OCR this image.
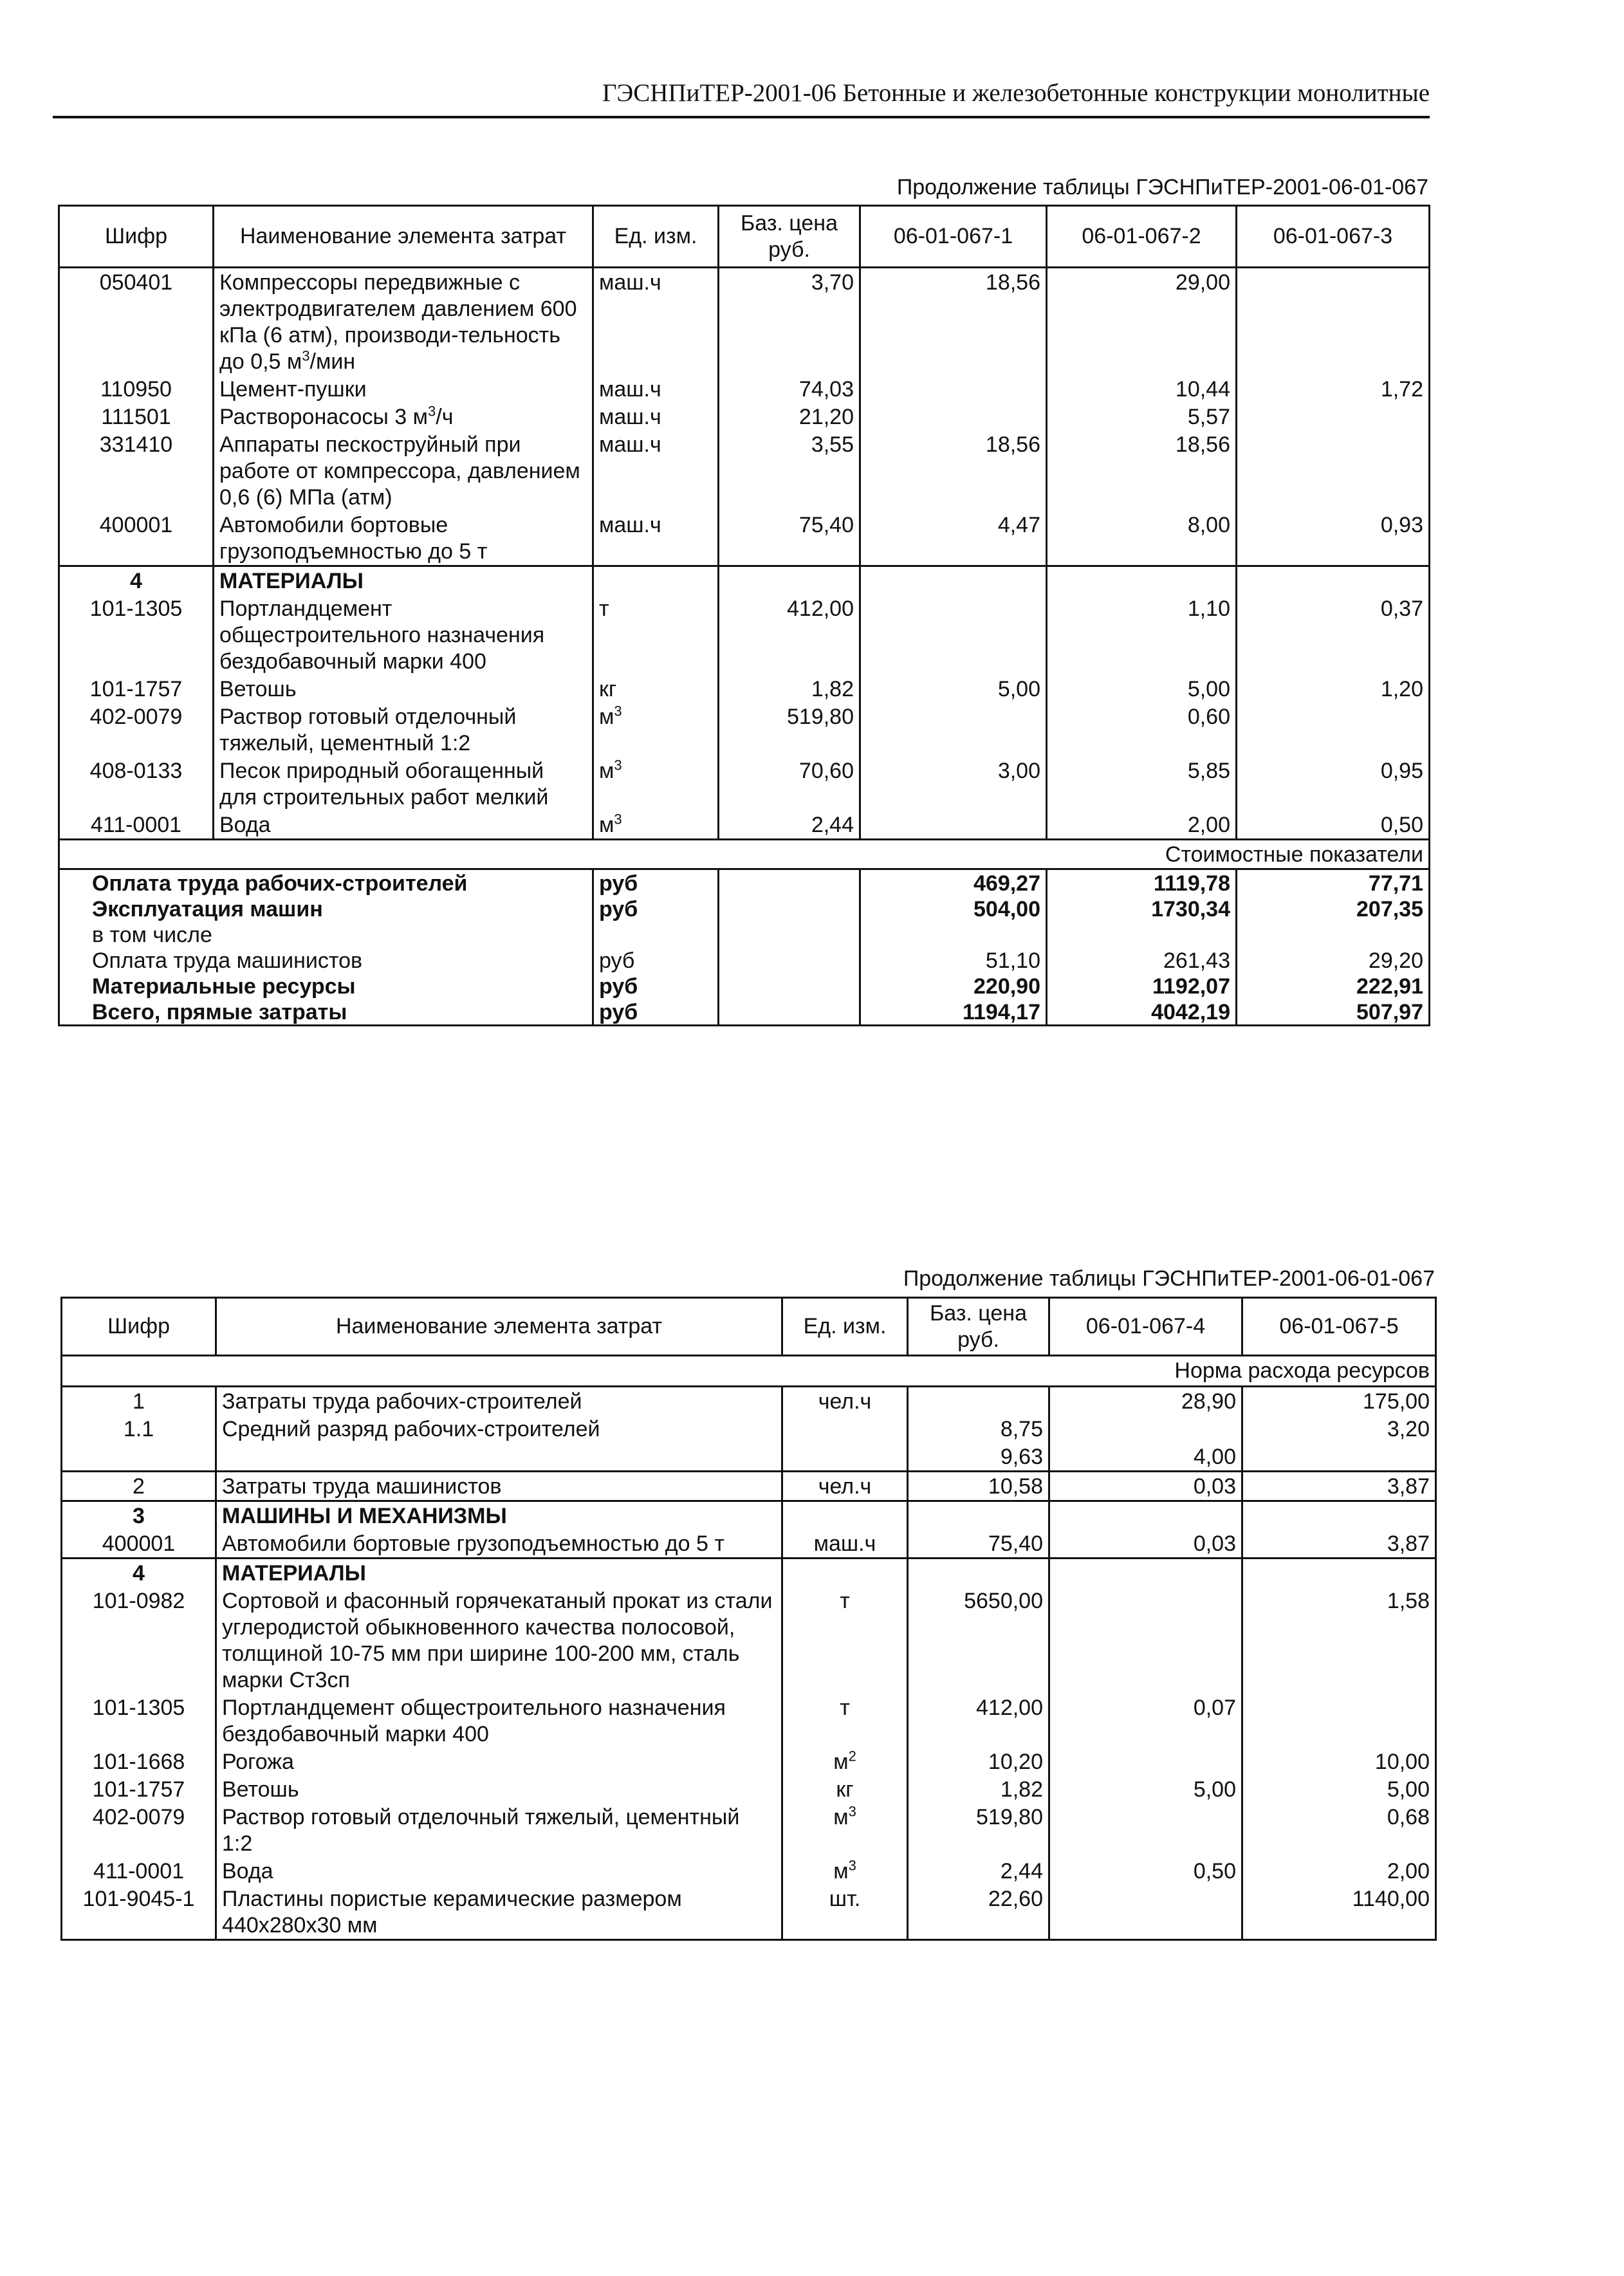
ГЭСНПиТЕР-2001-06 Бетонные и железобетонные конструкции монолитные
Продолжение таблицы ГЭСНПиТЕР-2001-06-01-067
Шифр	Наименование элемента затрат	Ед. изм.	Баз. цена руб.	06-01-067-1	06-01-067-2	06-01-067-3
050401	Компрессоры передвижные с электродвигателем давлением 600 кПа (6 атм), производи-тельность до 0,5 $м^3$/мин	маш.ч	3,70	18,56	29,00	
110950	Цемент-пушки	маш.ч	74,03		10,44	1,72
111501	Растворонасосы 3 $м^3/ч$	маш.ч	21,20		5,57	
331410	Аппараты пескоструйный при работе от компрессора, давлением 0,6 (6) МПа (атм)	маш.ч	3,55	18,56	18,56	
400001	Автомобили бортовые грузоподъемностью до 5 т	маш.ч	75,40	4,47	8,00	0,93
4	МАТЕРИАЛЫ					
101-1305	Портландцемент общестроительного назначения бездобавочный марки 400	т	412,00		1,10	0,37
101-1757	Ветошь	кг	1,82	5,00	5,00	1,20
402-0079	Раствор готовый отделочный тяжелый, цементный 1:2	$м^3$	519,80		0,60	
408-0133	Песок природный обогащенный для строительных работ мелкий	$м^3$	70,60	3,00	5,85	0,95
411-0001	Вода	$м^3$	2,44		2,00	0,50
Стоимостные показатели						
Оплата труда рабочих-строителей		руб		469,27	1119,78	77,71
Эксплуатация машин		руб		504,00	1730,34	207,35
в том числе						
Оплата труда машинистов		руб		51,10	261,43	29,20
Материальные ресурсы		руб		220,90	1192,07	222,91
Всего, прямые затраты		руб		1194,17	4042,19	507,97
Продолжение таблицы ГЭСНПиТЕР-2001-06-01-067
Шифр	Наименование элемента затрат	Ед. изм.	Баз. цена руб.	06-01-067-4	06-01-067-5
Норма расхода ресурсов					
1	Затраты труда рабочих-строителей	чел.ч		28,90	175,00
1.1	Средний разряд рабочих-строителей		8,75		3,20
			9,63	4,00	
2	Затраты труда машинистов	чел.ч	10,58	0,03	3,87
3	МАШИНЫ И МЕХАНИЗМЫ				
400001	Автомобили бортовые грузоподъемностью до 5 т	маш.ч	75,40	0,03	3,87
4	МАТЕРИАЛЫ				
101-0982	Сортовой и фасонный горячекатаный прокат из стали углеродистой обыкновенного качества полосовой, толщиной 10-75 мм при ширине 100-200 мм, сталь марки Ст3сп	т	5650,00		1,58
101-1305	Портландцемент общестроительного назначения бездобавочный марки 400	т	412,00	0,07	
101-1668	Рогожа	$м^2$	10,20		10,00
101-1757	Ветошь	кг	1,82	5,00	5,00
402-0079	Раствор готовый отделочный тяжелый, цементный 1:2	$м^3$	519,80		0,68
411-0001	Вода	$м^3$	2,44	0,50	2,00
101-9045-1	Пластины пористые керамические размером 440х280х30 мм	шт.	22,60		1140,00
